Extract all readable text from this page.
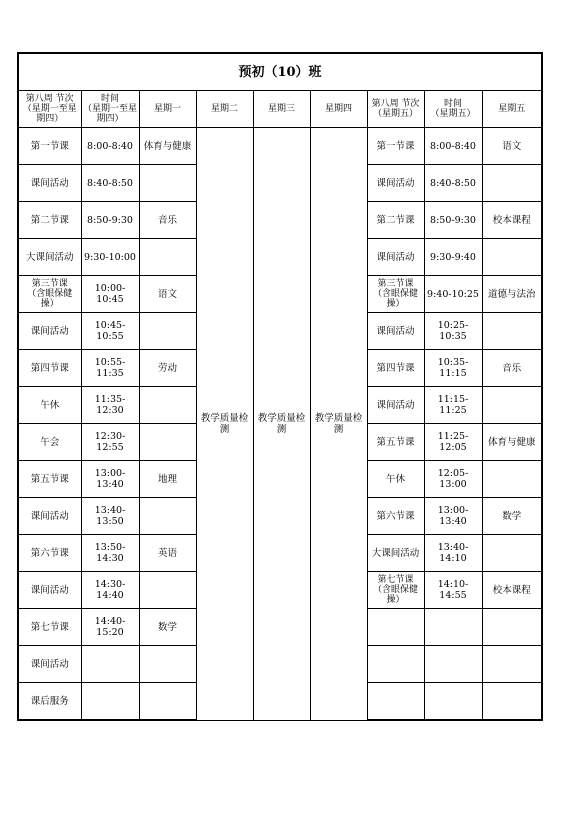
预初（10）班								
第八周 节次
（星期一至星
期四）	时间
（星期一至星
期四）	星期一	星期二	星期三	星期四	第八周 节次
（星期五）	时间
（星期五）	星期五
第一节课	8:00-8:40	体育与健康	教学质量检测	教学质量检测	教学质量检测	第一节课	8:00-8:40	语文
课间活动	8:40-8:50					课间活动	8:40-8:50	
第二节课	8:50-9:30	音乐				第二节课	8:50-9:30	校本课程
大课间活动	9:30-10:00					课间活动	9:30-9:40	
第三节课
（含眼保健
操）	10:00-10:45	语文				第三节课
（含眼保健
操）	9:40-10:25	道德与法治
课间活动	10:45-10:55					课间活动	10:25-10:35	
第四节课	10:55-11:35	劳动				第四节课	10:35-11:15	音乐
午休	11:35-12:30					课间活动	11:15-11:25	
午会	12:30-12:55					第五节课	11:25-12:05	体育与健康
第五节课	13:00-13:40	地理				午休	12:05-13:00	
课间活动	13:40-13:50					第六节课	13:00-13:40	数学
第六节课	13:50-14:30	英语				大课间活动	13:40-14:10	
课间活动	14:30-14:40					第七节课
（含眼保健
操）	14:10-14:55	校本课程
第七节课	14:40-15:20	数学						
课间活动								
课后服务								
